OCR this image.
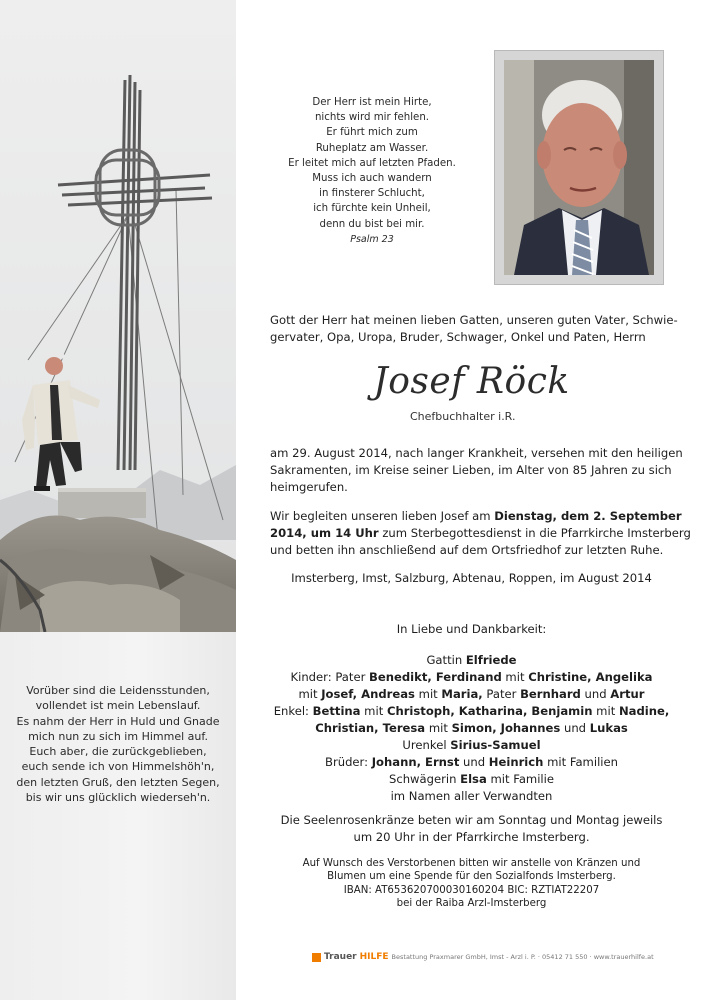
Vorüber sind die Leidensstunden,
vollendet ist mein Lebenslauf.
Es nahm der Herr in Huld und Gnade
mich nun zu sich im Himmel auf.
Euch aber, die zurückgeblieben,
euch sende ich von Himmelshöh'n,
den letzten Gruß, den letzten Segen,
bis wir uns glücklich wiederseh'n.
Der Herr ist mein Hirte,
nichts wird mir fehlen.
Er führt mich zum
Ruheplatz am Wasser.
Er leitet mich auf letzten Pfaden.
Muss ich auch wandern
in finsterer Schlucht,
ich fürchte kein Unheil,
denn du bist bei mir.
Psalm 23
Gott der Herr hat meinen lieben Gatten, unseren guten Vater, Schwie-
gervater, Opa, Uropa, Bruder, Schwager, Onkel und Paten, Herrn
Josef Röck
Chefbuchhalter i.R.
am 29. August 2014, nach langer Krankheit, versehen mit den heiligen
Sakramenten, im Kreise seiner Lieben, im Alter von 85 Jahren zu sich
heimgerufen.
Wir begleiten unseren lieben Josef am Dienstag, dem 2. September
2014, um 14 Uhr zum Sterbegottesdienst in die Pfarrkirche Imsterberg
und betten ihn anschließend auf dem Ortsfriedhof zur letzten Ruhe.
Imsterberg, Imst, Salzburg, Abtenau, Roppen, im August 2014
In Liebe und Dankbarkeit:
Gattin Elfriede
Kinder: Pater Benedikt, Ferdinand mit Christine, Angelika
mit Josef, Andreas mit Maria, Pater Bernhard und Artur
Enkel: Bettina mit Christoph, Katharina, Benjamin mit Nadine,
Christian, Teresa mit Simon, Johannes und Lukas
Urenkel Sirius-Samuel
Brüder: Johann, Ernst und Heinrich mit Familien
Schwägerin Elsa mit Familie
im Namen aller Verwandten
Die Seelenrosenkränze beten wir am Sonntag und Montag jeweils
um 20 Uhr in der Pfarrkirche Imsterberg.
Auf Wunsch des Verstorbenen bitten wir anstelle von Kränzen und
Blumen um eine Spende für den Sozialfonds Imsterberg.
IBAN: AT653620700030160204 BIC: RZTIAT22207
bei der Raiba Arzl-Imsterberg
Trauer HILFE Bestattung Praxmarer GmbH, Imst - Arzl i. P. · 05412 71 550 · www.trauerhilfe.at
